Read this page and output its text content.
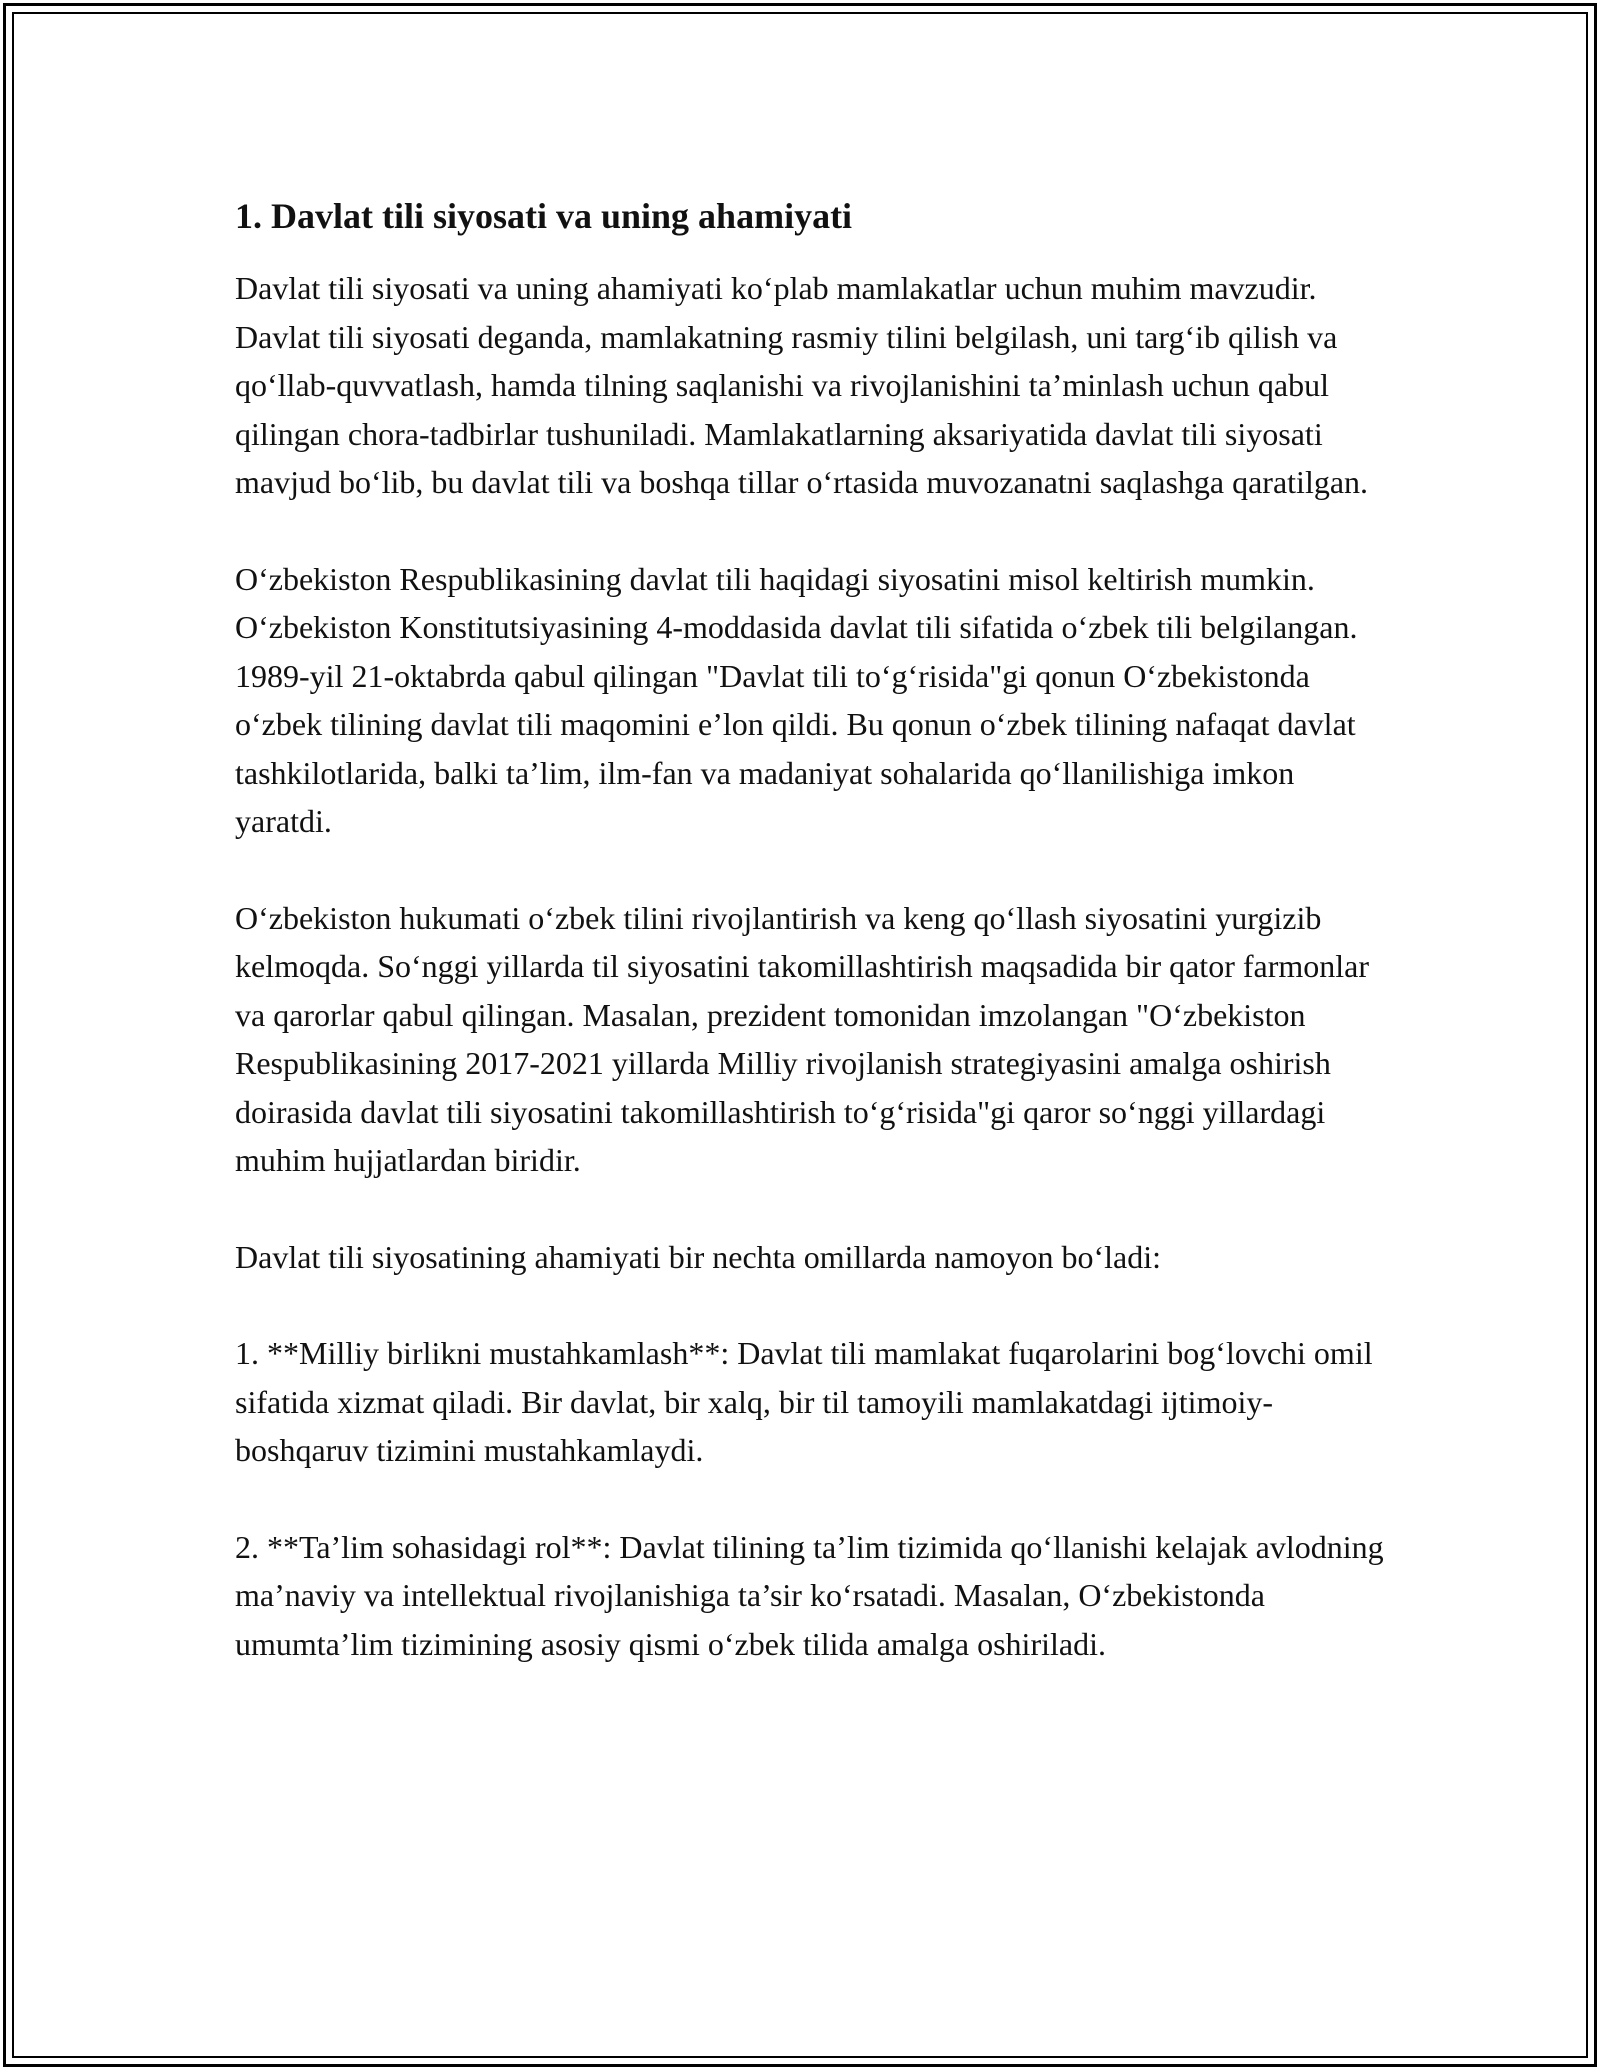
1. Davlat tili siyosati va uning ahamiyati

Davlat tili siyosati va uning ahamiyati ko‘plab mamlakatlar uchun muhim mavzudir. Davlat tili siyosati deganda, mamlakatning rasmiy tilini belgilash, uni targ‘ib qilish va qo‘llab-quvvatlash, hamda tilning saqlanishi va rivojlanishini ta’minlash uchun qabul qilingan chora-tadbirlar tushuniladi. Mamlakatlarning aksariyatida davlat tili siyosati mavjud bo‘lib, bu davlat tili va boshqa tillar o‘rtasida muvozanatni saqlashga qaratilgan.

O‘zbekiston Respublikasining davlat tili haqidagi siyosatini misol keltirish mumkin. O‘zbekiston Konstitutsiyasining 4-moddasida davlat tili sifatida o‘zbek tili belgilangan. 1989-yil 21-oktabrda qabul qilingan "Davlat tili to‘g‘risida"gi qonun O‘zbekistonda o‘zbek tilining davlat tili maqomini e’lon qildi. Bu qonun o‘zbek tilining nafaqat davlat tashkilotlarida, balki ta’lim, ilm-fan va madaniyat sohalarida qo‘llanilishiga imkon yaratdi.

O‘zbekiston hukumati o‘zbek tilini rivojlantirish va keng qo‘llash siyosatini yurgizib kelmoqda. So‘nggi yillarda til siyosatini takomillashtirish maqsadida bir qator farmonlar va qarorlar qabul qilingan. Masalan, prezident tomonidan imzolangan "O‘zbekiston Respublikasining 2017-2021 yillarda Milliy rivojlanish strategiyasini amalga oshirish doirasida davlat tili siyosatini takomillashtirish to‘g‘risida"gi qaror so‘nggi yillardagi muhim hujjatlardan biridir.

Davlat tili siyosatining ahamiyati bir nechta omillarda namoyon bo‘ladi:

1. **Milliy birlikni mustahkamlash**: Davlat tili mamlakat fuqarolarini bog‘lovchi omil sifatida xizmat qiladi. Bir davlat, bir xalq, bir til tamoyili mamlakatdagi ijtimoiy-boshqaruv tizimini mustahkamlaydi.

2. **Ta’lim sohasidagi rol**: Davlat tilining ta’lim tizimida qo‘llanishi kelajak avlodning ma’naviy va intellektual rivojlanishiga ta’sir ko‘rsatadi. Masalan, O‘zbekistonda umumta’lim tizimining asosiy qismi o‘zbek tilida amalga oshiriladi.
